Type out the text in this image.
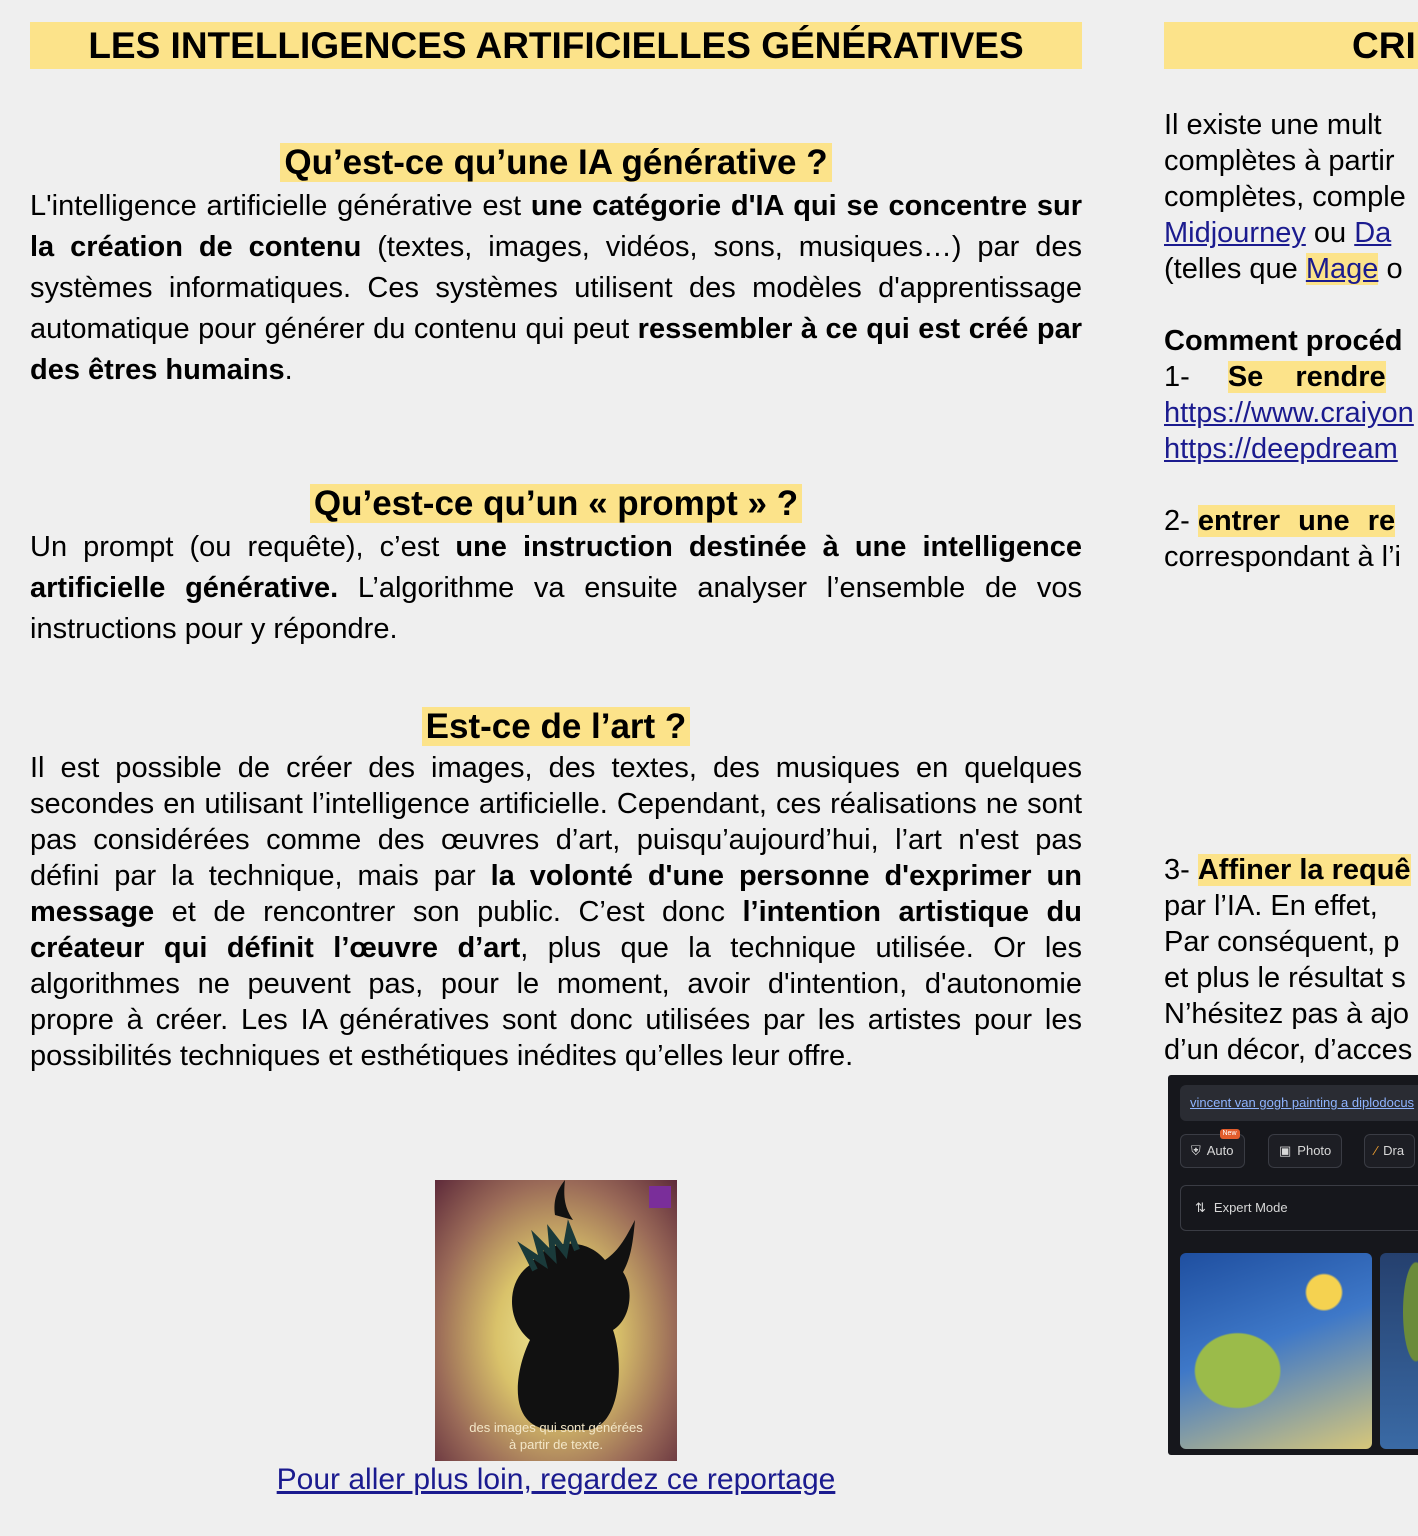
LES INTELLIGENCES ARTIFICIELLES GÉNÉRATIVES
Qu’est-ce qu’une IA générative ?

L'intelligence artificielle générative est une catégorie d'IA qui se concentre sur la création de contenu (textes, images, vidéos, sons, musiques…) par des systèmes informatiques. Ces systèmes utilisent des modèles d'apprentissage automatique pour générer du contenu qui peut ressembler à ce qui est créé par des êtres humains.

Qu’est-ce qu’un « prompt » ?

Un prompt (ou requête), c’est une instruction destinée à une intelligence artificielle générative. L’algorithme va ensuite analyser l’ensemble de vos instructions pour y répondre.

Est-ce de l’art ?

Il est possible de créer des images, des textes, des musiques en quelques secondes en utilisant l’intelligence artificielle. Cependant, ces réalisations ne sont pas considérées comme des œuvres d’art, puisqu’aujourd’hui, l’art n'est pas défini par la technique, mais par la volonté d'une personne d'exprimer un message et de rencontrer son public. C’est donc l’intention artistique du créateur qui définit l’œuvre d’art, plus que la technique utilisée. Or les algorithmes ne peuvent pas, pour le moment, avoir d'intention, d'autonomie propre à créer. Les IA génératives sont donc utilisées par les artistes pour les possibilités techniques et esthétiques inédites qu’elles leur offre.

des images qui sont générées
à partir de texte.
Pour aller plus loin, regardez ce reportage
CRI
Il existe une mult
complètes à partir
complètes, comple
Midjourney ou Da
(telles que Mage o
Comment procéd
1- Se rendre
https://www.craiyon
https://deepdream
2- entrer une re
correspondant à l’i
3- Affiner la requê
par l’IA. En effet,
Par conséquent, p
et plus le résultat s
N’hésitez pas à ajo
d’un décor, d’acces
vincent van gogh painting a diplodocus
⛨ Auto
New
▣ Photo	⁄ Dra
⇅ Expert Mode
